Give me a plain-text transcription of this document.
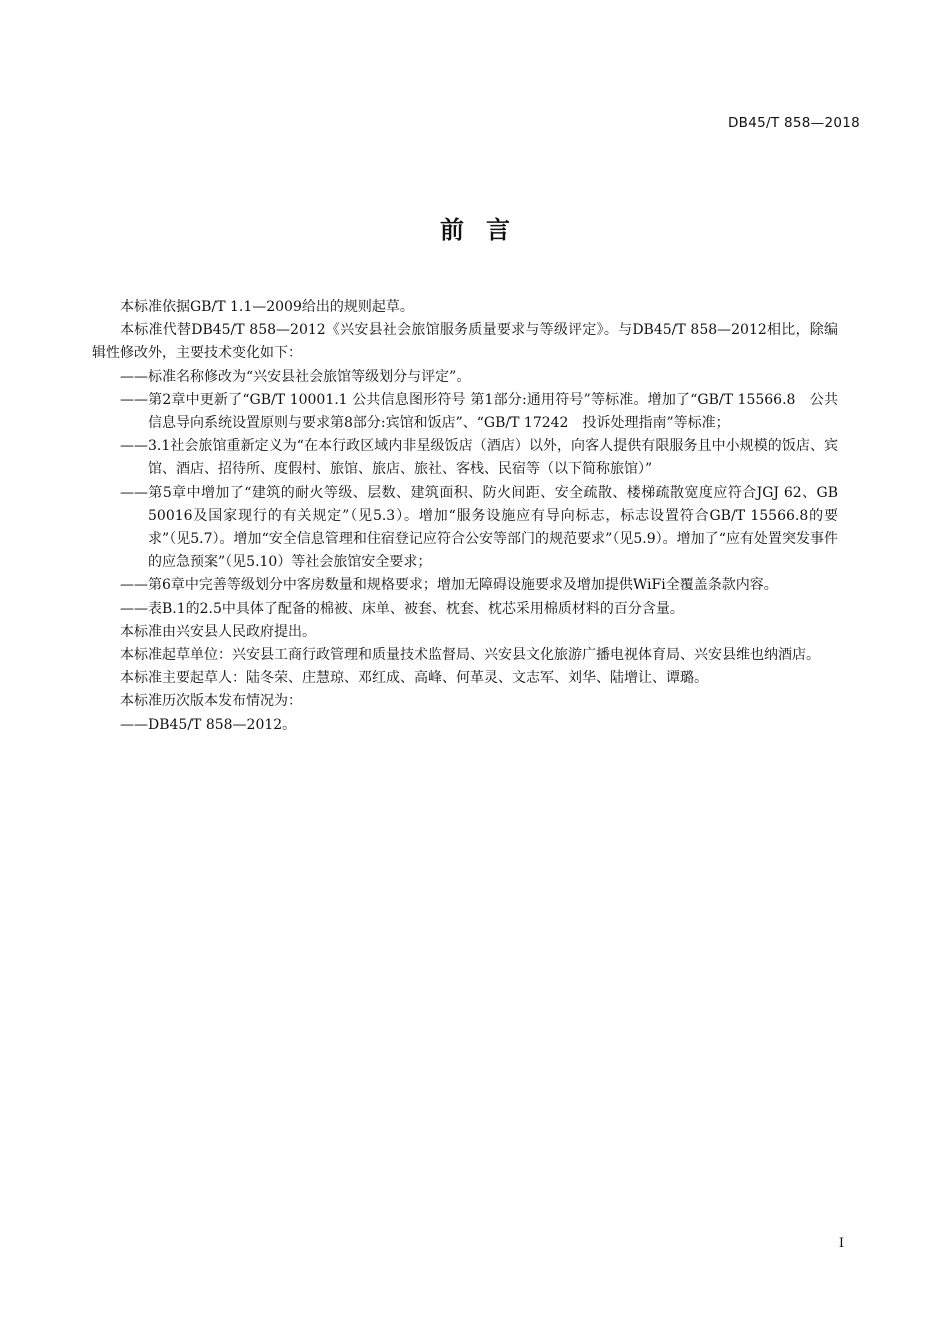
DB45/T 858—2018
前言

本标准依据GB/T 1.1—2009给出的规则起草。

本标准代替DB45/T 858—2012《兴安县社会旅馆服务质量要求与等级评定》。与DB45/T 858—2012相比，除编辑性修改外，主要技术变化如下：

——标准名称修改为“兴安县社会旅馆等级划分与评定”。

——第2章中更新了“GB/T 10001.1 公共信息图形符号 第1部分:通用符号”等标准。增加了“GB/T 15566.8　公共信息导向系统设置原则与要求第8部分:宾馆和饭店”、“GB/T 17242　投诉处理指南”等标准；

——3.1社会旅馆重新定义为“在本行政区域内非星级饭店（酒店）以外，向客人提供有限服务且中小规模的饭店、宾馆、酒店、招待所、度假村、旅馆、旅店、旅社、客栈、民宿等（以下简称旅馆）”

——第5章中增加了“建筑的耐火等级、层数、建筑面积、防火间距、安全疏散、楼梯疏散宽度应符合JGJ 62、GB 50016及国家现行的有关规定”（见5.3）。增加“服务设施应有导向标志，标志设置符合GB/T 15566.8的要求”（见5.7）。增加“安全信息管理和住宿登记应符合公安等部门的规范要求”（见5.9）。增加了“应有处置突发事件的应急预案”（见5.10）等社会旅馆安全要求；

——第6章中完善等级划分中客房数量和规格要求；增加无障碍设施要求及增加提供WiFi全覆盖条款内容。

——表B.1的2.5中具体了配备的棉被、床单、被套、枕套、枕芯采用棉质材料的百分含量。

本标准由兴安县人民政府提出。

本标准起草单位：兴安县工商行政管理和质量技术监督局、兴安县文化旅游广播电视体育局、兴安县维也纳酒店。

本标准主要起草人：陆冬荣、庄慧琼、邓红成、高峰、何革灵、文志军、刘华、陆增让、谭璐。

本标准历次版本发布情况为：

——DB45/T 858—2012。

I
